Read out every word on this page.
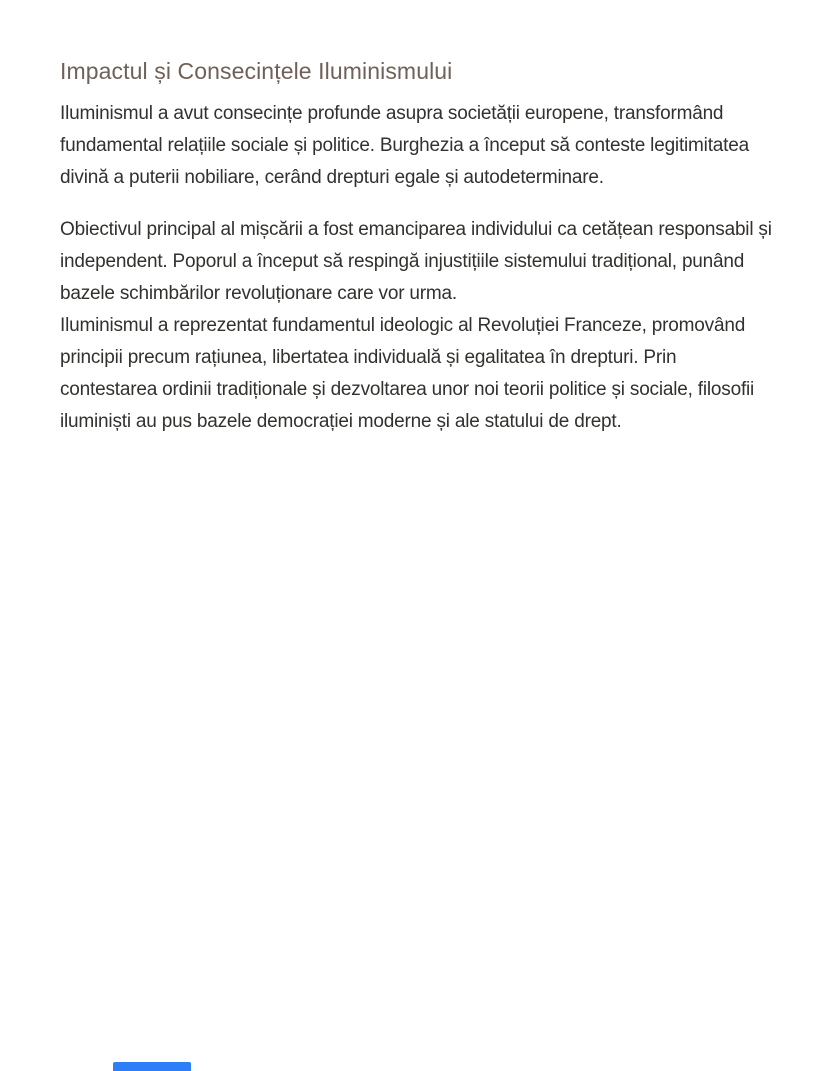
Impactul și Consecințele Iluminismului

Iluminismul a avut consecințe profunde asupra societății europene, transformând fundamental relațiile sociale și politice. Burghezia a început să conteste legitimitatea divină a puterii nobiliare, cerând drepturi egale și autodeterminare.

Obiectivul principal al mișcării a fost emanciparea individului ca cetățean responsabil și independent. Poporul a început să respingă injustițiile sistemului tradițional, punând bazele schimbărilor revoluționare care vor urma.

Iluminismul a reprezentat fundamentul ideologic al Revoluției Franceze, promovând principii precum rațiunea, libertatea individuală și egalitatea în drepturi. Prin contestarea ordinii tradiționale și dezvoltarea unor noi teorii politice și sociale, filosofii iluminiști au pus bazele democrației moderne și ale statului de drept.
